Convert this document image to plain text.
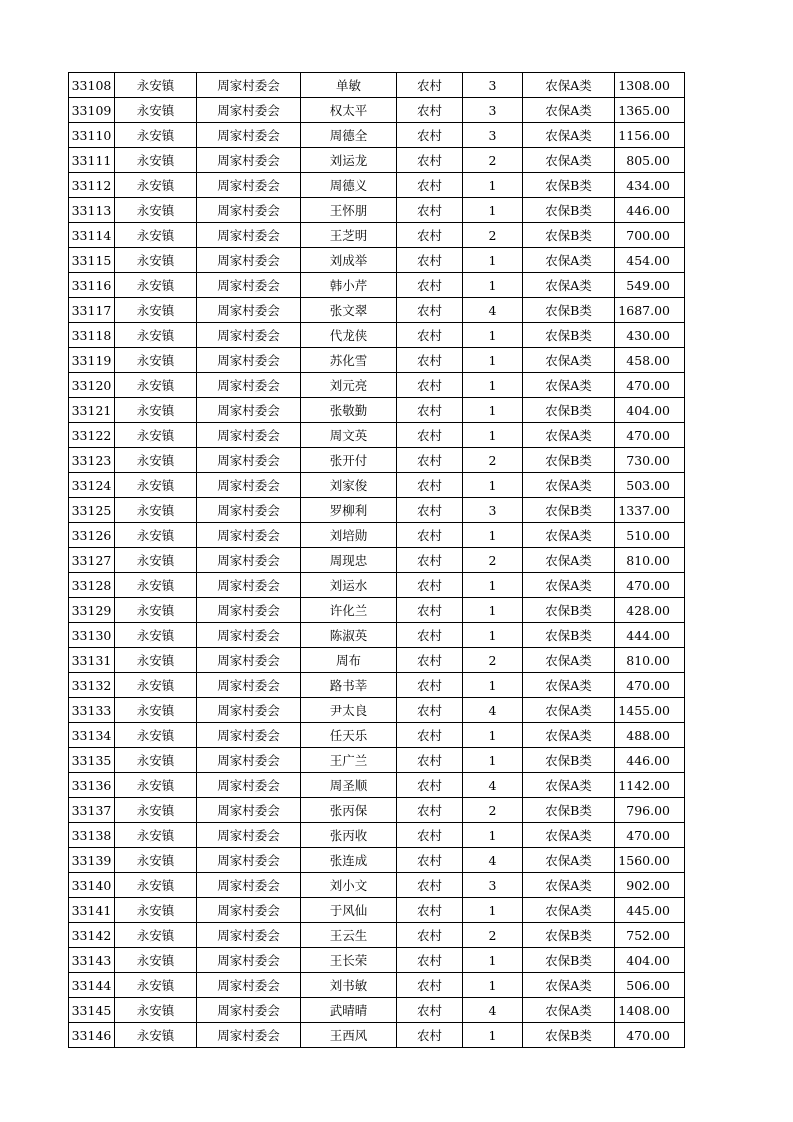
33108	永安镇	周家村委会	单敏	农村	3	农保A类	1308.00
33109	永安镇	周家村委会	权太平	农村	3	农保A类	1365.00
33110	永安镇	周家村委会	周德全	农村	3	农保A类	1156.00
33111	永安镇	周家村委会	刘运龙	农村	2	农保A类	805.00
33112	永安镇	周家村委会	周德义	农村	1	农保B类	434.00
33113	永安镇	周家村委会	王怀朋	农村	1	农保B类	446.00
33114	永安镇	周家村委会	王芝明	农村	2	农保B类	700.00
33115	永安镇	周家村委会	刘成举	农村	1	农保A类	454.00
33116	永安镇	周家村委会	韩小芹	农村	1	农保A类	549.00
33117	永安镇	周家村委会	张文翠	农村	4	农保B类	1687.00
33118	永安镇	周家村委会	代龙侠	农村	1	农保B类	430.00
33119	永安镇	周家村委会	苏化雪	农村	1	农保A类	458.00
33120	永安镇	周家村委会	刘元亮	农村	1	农保A类	470.00
33121	永安镇	周家村委会	张敬勤	农村	1	农保B类	404.00
33122	永安镇	周家村委会	周文英	农村	1	农保A类	470.00
33123	永安镇	周家村委会	张开付	农村	2	农保B类	730.00
33124	永安镇	周家村委会	刘家俊	农村	1	农保A类	503.00
33125	永安镇	周家村委会	罗柳利	农村	3	农保B类	1337.00
33126	永安镇	周家村委会	刘培勋	农村	1	农保A类	510.00
33127	永安镇	周家村委会	周现忠	农村	2	农保A类	810.00
33128	永安镇	周家村委会	刘运水	农村	1	农保A类	470.00
33129	永安镇	周家村委会	许化兰	农村	1	农保B类	428.00
33130	永安镇	周家村委会	陈淑英	农村	1	农保B类	444.00
33131	永安镇	周家村委会	周布	农村	2	农保A类	810.00
33132	永安镇	周家村委会	路书莘	农村	1	农保A类	470.00
33133	永安镇	周家村委会	尹太良	农村	4	农保A类	1455.00
33134	永安镇	周家村委会	任天乐	农村	1	农保A类	488.00
33135	永安镇	周家村委会	王广兰	农村	1	农保B类	446.00
33136	永安镇	周家村委会	周圣顺	农村	4	农保A类	1142.00
33137	永安镇	周家村委会	张丙保	农村	2	农保B类	796.00
33138	永安镇	周家村委会	张丙收	农村	1	农保A类	470.00
33139	永安镇	周家村委会	张连成	农村	4	农保A类	1560.00
33140	永安镇	周家村委会	刘小文	农村	3	农保A类	902.00
33141	永安镇	周家村委会	于风仙	农村	1	农保A类	445.00
33142	永安镇	周家村委会	王云生	农村	2	农保B类	752.00
33143	永安镇	周家村委会	王长荣	农村	1	农保B类	404.00
33144	永安镇	周家村委会	刘书敏	农村	1	农保A类	506.00
33145	永安镇	周家村委会	武晴晴	农村	4	农保A类	1408.00
33146	永安镇	周家村委会	王西风	农村	1	农保B类	470.00
